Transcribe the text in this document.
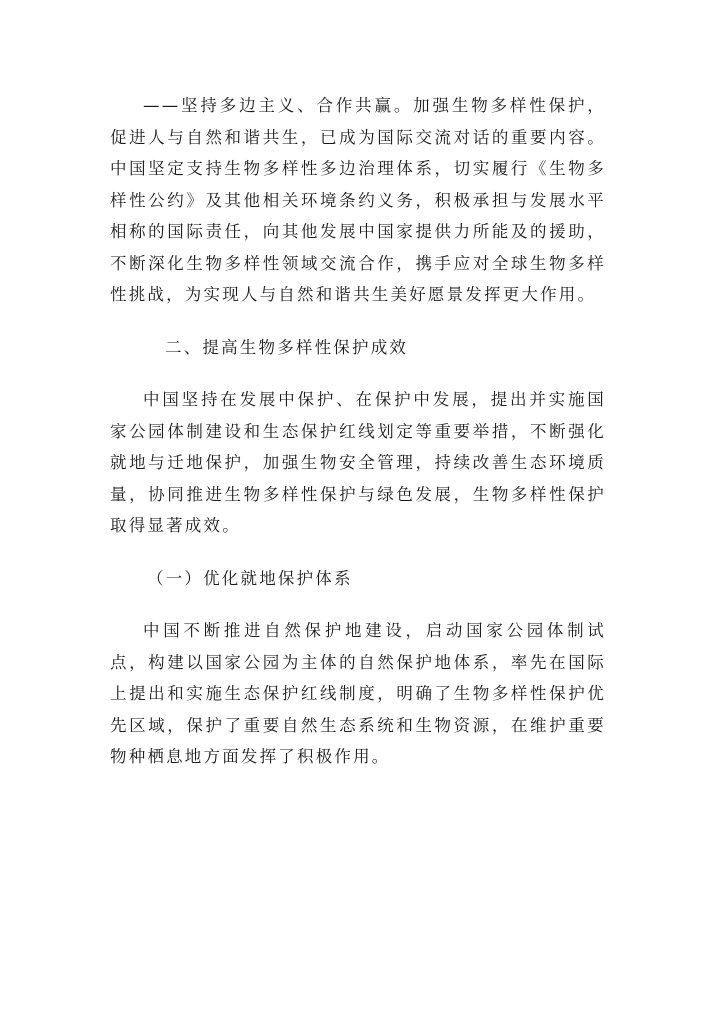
——坚持多边主义、合作共赢。加强生物多样性保护，促进人与自然和谐共生，已成为国际交流对话的重要内容。中国坚定支持生物多样性多边治理体系，切实履行《生物多样性公约》及其他相关环境条约义务，积极承担与发展水平相称的国际责任，向其他发展中国家提供力所能及的援助，不断深化生物多样性领域交流合作，携手应对全球生物多样性挑战，为实现人与自然和谐共生美好愿景发挥更大作用。

二、提高生物多样性保护成效

中国坚持在发展中保护、在保护中发展，提出并实施国家公园体制建设和生态保护红线划定等重要举措，不断强化就地与迁地保护，加强生物安全管理，持续改善生态环境质量，协同推进生物多样性保护与绿色发展，生物多样性保护取得显著成效。

（一）优化就地保护体系

中国不断推进自然保护地建设，启动国家公园体制试点，构建以国家公园为主体的自然保护地体系，率先在国际上提出和实施生态保护红线制度，明确了生物多样性保护优先区域，保护了重要自然生态系统和生物资源，在维护重要物种栖息地方面发挥了积极作用。
